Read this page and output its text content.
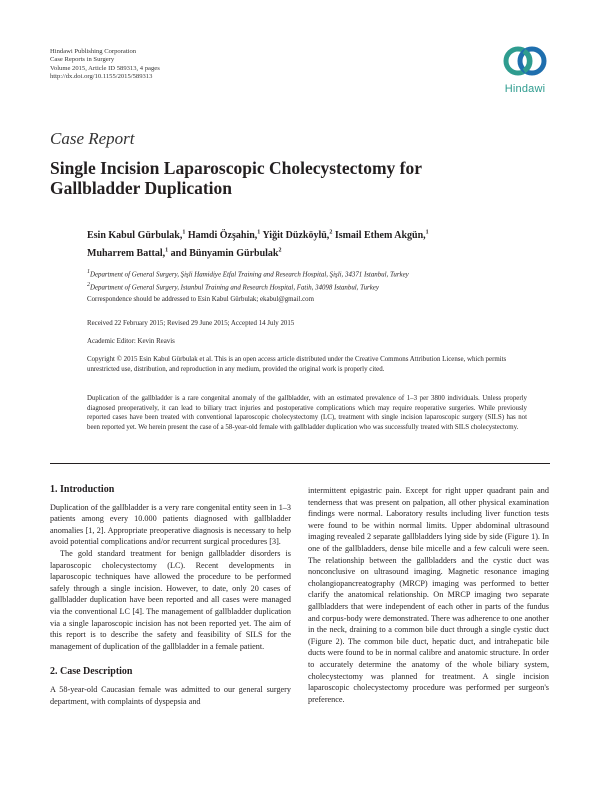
Hindawi Publishing Corporation
Case Reports in Surgery
Volume 2015, Article ID 589313, 4 pages
http://dx.doi.org/10.1155/2015/589313
Hindawi
Case Report
Single Incision Laparoscopic Cholecystectomy for Gallbladder Duplication
Esin Kabul Gürbulak,$^1$ Hamdi Özşahin,$^1$ Yiğit Düzköylü,$^2$ Ismail Ethem Akgün,$^1$
Muharrem Battal,$^1$ and Bünyamin Gürbulak$^2$
$^1$Department of General Surgery, Şişli Hamidiye Etfal Training and Research Hospital, Şişli, 34371 Istanbul, Turkey
$^2$Department of General Surgery, Istanbul Training and Research Hospital, Fatih, 34098 Istanbul, Turkey
Correspondence should be addressed to Esin Kabul Gürbulak; ekabul@gmail.com
Received 22 February 2015; Revised 29 June 2015; Accepted 14 July 2015
Academic Editor: Kevin Reavis
Copyright © 2015 Esin Kabul Gürbulak et al. This is an open access article distributed under the Creative Commons Attribution License, which permits unrestricted use, distribution, and reproduction in any medium, provided the original work is properly cited.
Duplication of the gallbladder is a rare congenital anomaly of the gallbladder, with an estimated prevalence of 1–3 per 3800 individuals. Unless properly diagnosed preoperatively, it can lead to biliary tract injuries and postoperative complications which may require reoperative surgeries. While previously reported cases have been treated with conventional laparoscopic cholecystectomy (LC), treatment with single incision laparoscopic surgery (SILS) has not been reported yet. We herein present the case of a 58-year-old female with gallbladder duplication who was successfully treated with SILS cholecystectomy.

1. Introduction

Duplication of the gallbladder is a very rare congenital entity seen in 1–3 patients among every 10.000 patients diagnosed with gallbladder anomalies [1, 2]. Appropriate preoperative diagnosis is necessary to help avoid potential complications and/or recurrent surgical procedures [3].

The gold standard treatment for benign gallbladder disorders is laparoscopic cholecystectomy (LC). Recent developments in laparoscopic techniques have allowed the procedure to be performed safely through a single incision. However, to date, only 20 cases of gallbladder duplication have been reported and all cases were managed via the conventional LC [4]. The management of gallbladder duplication via a single laparoscopic incision has not been reported yet. The aim of this report is to describe the safety and feasibility of SILS for the management of duplication of the gallbladder in a female patient.

2. Case Description

A 58-year-old Caucasian female was admitted to our general surgery department, with complaints of dyspepsia and

intermittent epigastric pain. Except for right upper quadrant pain and tenderness that was present on palpation, all other physical examination findings were normal. Laboratory results including liver function tests were found to be within normal limits. Upper abdominal ultrasound imaging revealed 2 separate gallbladders lying side by side (Figure 1). In one of the gallbladders, dense bile micelle and a few calculi were seen. The relationship between the gallbladders and the cystic duct was nonconclusive on ultrasound imaging. Magnetic resonance imaging cholangiopancreatography (MRCP) imaging was performed to better clarify the anatomical relationship. On MRCP imaging two separate gallbladders that were independent of each other in parts of the fundus and corpus-body were demonstrated. There was adherence to one another in the neck, draining to a common bile duct through a single cystic duct (Figure 2). The common bile duct, hepatic duct, and intrahepatic bile ducts were found to be in normal calibre and anatomic structure. In order to accurately determine the anatomy of the whole biliary system, cholecystectomy was planned for treatment. A single incision laparoscopic cholecystectomy procedure was performed per surgeon's preference.
